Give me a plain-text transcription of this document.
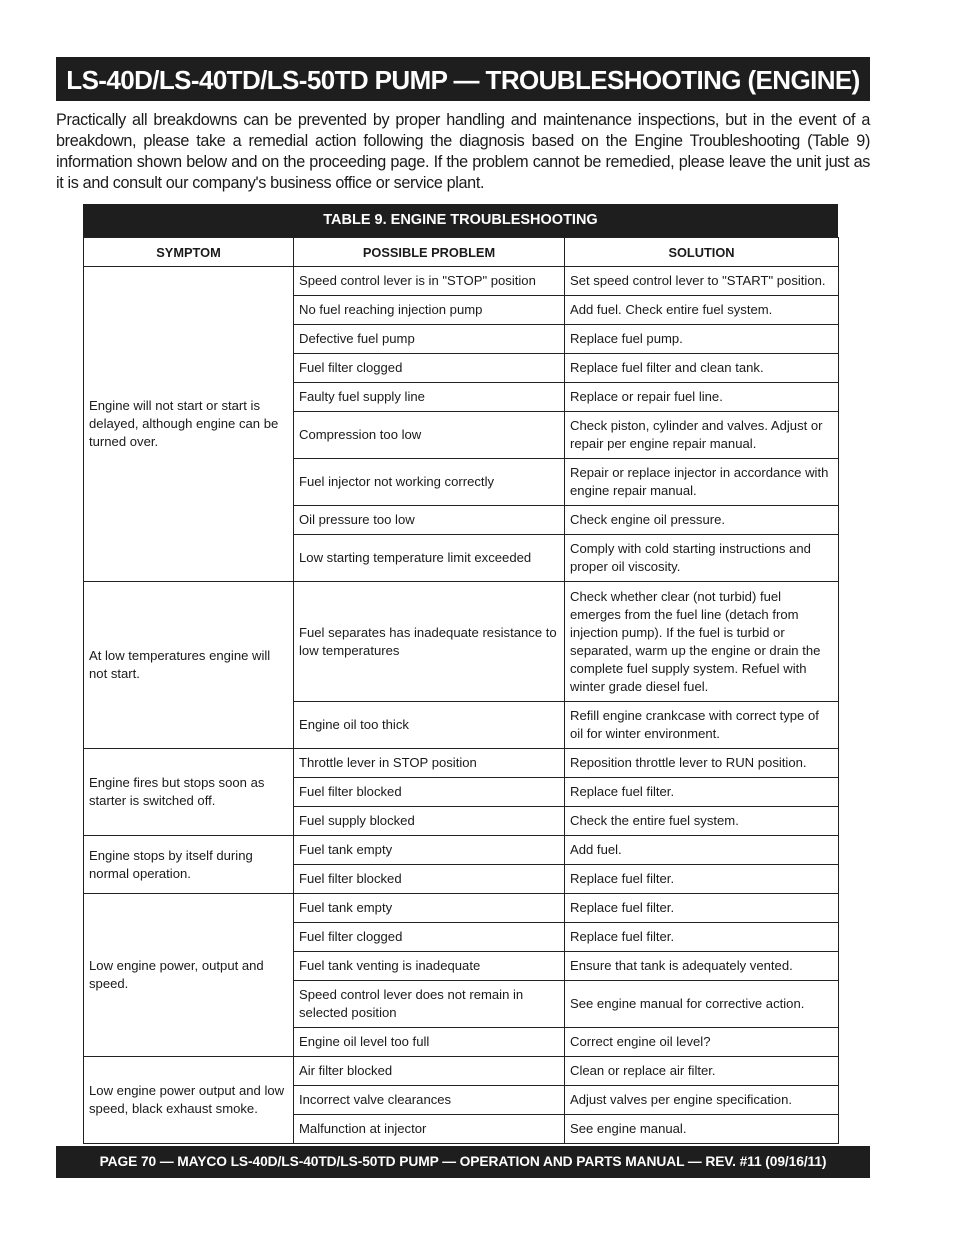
LS-40D/LS-40TD/LS-50TD PUMP — TROUBLESHOOTING (ENGINE)

Practically all breakdowns can be prevented by proper handling and maintenance inspections, but in the event of a breakdown, please take a remedial action following the diagnosis based on the Engine Troubleshooting (Table 9) information shown below and on the proceeding page. If the problem cannot be remedied, please leave the unit just as it is and consult our company's business office or service plant.

TABLE 9. ENGINE TROUBLESHOOTING
SYMPTOM	POSSIBLE PROBLEM	SOLUTION
Engine will not start or start is delayed, although engine can be turned over.	Speed control lever is in "STOP" position	Set speed control lever to "START" position.
	No fuel reaching injection pump	Add fuel. Check entire fuel system.
	Defective fuel pump	Replace fuel pump.
	Fuel filter clogged	Replace fuel filter and clean tank.
	Faulty fuel supply line	Replace or repair fuel line.
	Compression too low	Check piston, cylinder and valves. Adjust or repair per engine repair manual.
	Fuel injector not working correctly	Repair or replace injector in accordance with engine repair manual.
	Oil pressure too low	Check engine oil pressure.
	Low starting temperature limit exceeded	Comply with cold starting instructions and proper oil viscosity.
At low temperatures engine will not start.	Fuel separates has inadequate resistance to low temperatures	Check whether clear (not turbid) fuel emerges from the fuel line (detach from injection pump). If the fuel is turbid or separated, warm up the engine or drain the complete fuel supply system. Refuel with winter grade diesel fuel.
	Engine oil too thick	Refill engine crankcase with correct type of oil for winter environment.
Engine fires but stops soon as starter is switched off.	Throttle lever in STOP position	Reposition throttle lever to RUN position.
	Fuel filter blocked	Replace fuel filter.
	Fuel supply blocked	Check the entire fuel system.
Engine stops by itself during normal operation.	Fuel tank empty	Add fuel.
	Fuel filter blocked	Replace fuel filter.
Low engine power, output and speed.	Fuel tank empty	Replace fuel filter.
	Fuel filter clogged	Replace fuel filter.
	Fuel tank venting is inadequate	Ensure that tank is adequately vented.
	Speed control lever does not remain in selected position	See engine manual for corrective action.
	Engine oil level too full	Correct engine oil level?
Low engine power output and low speed, black exhaust smoke.	Air filter blocked	Clean or replace air filter.
	Incorrect valve clearances	Adjust valves per engine specification.
	Malfunction at injector	See engine manual.
PAGE 70 — MAYCO LS-40D/LS-40TD/LS-50TD PUMP — OPERATION AND PARTS MANUAL — REV. #11 (09/16/11)
